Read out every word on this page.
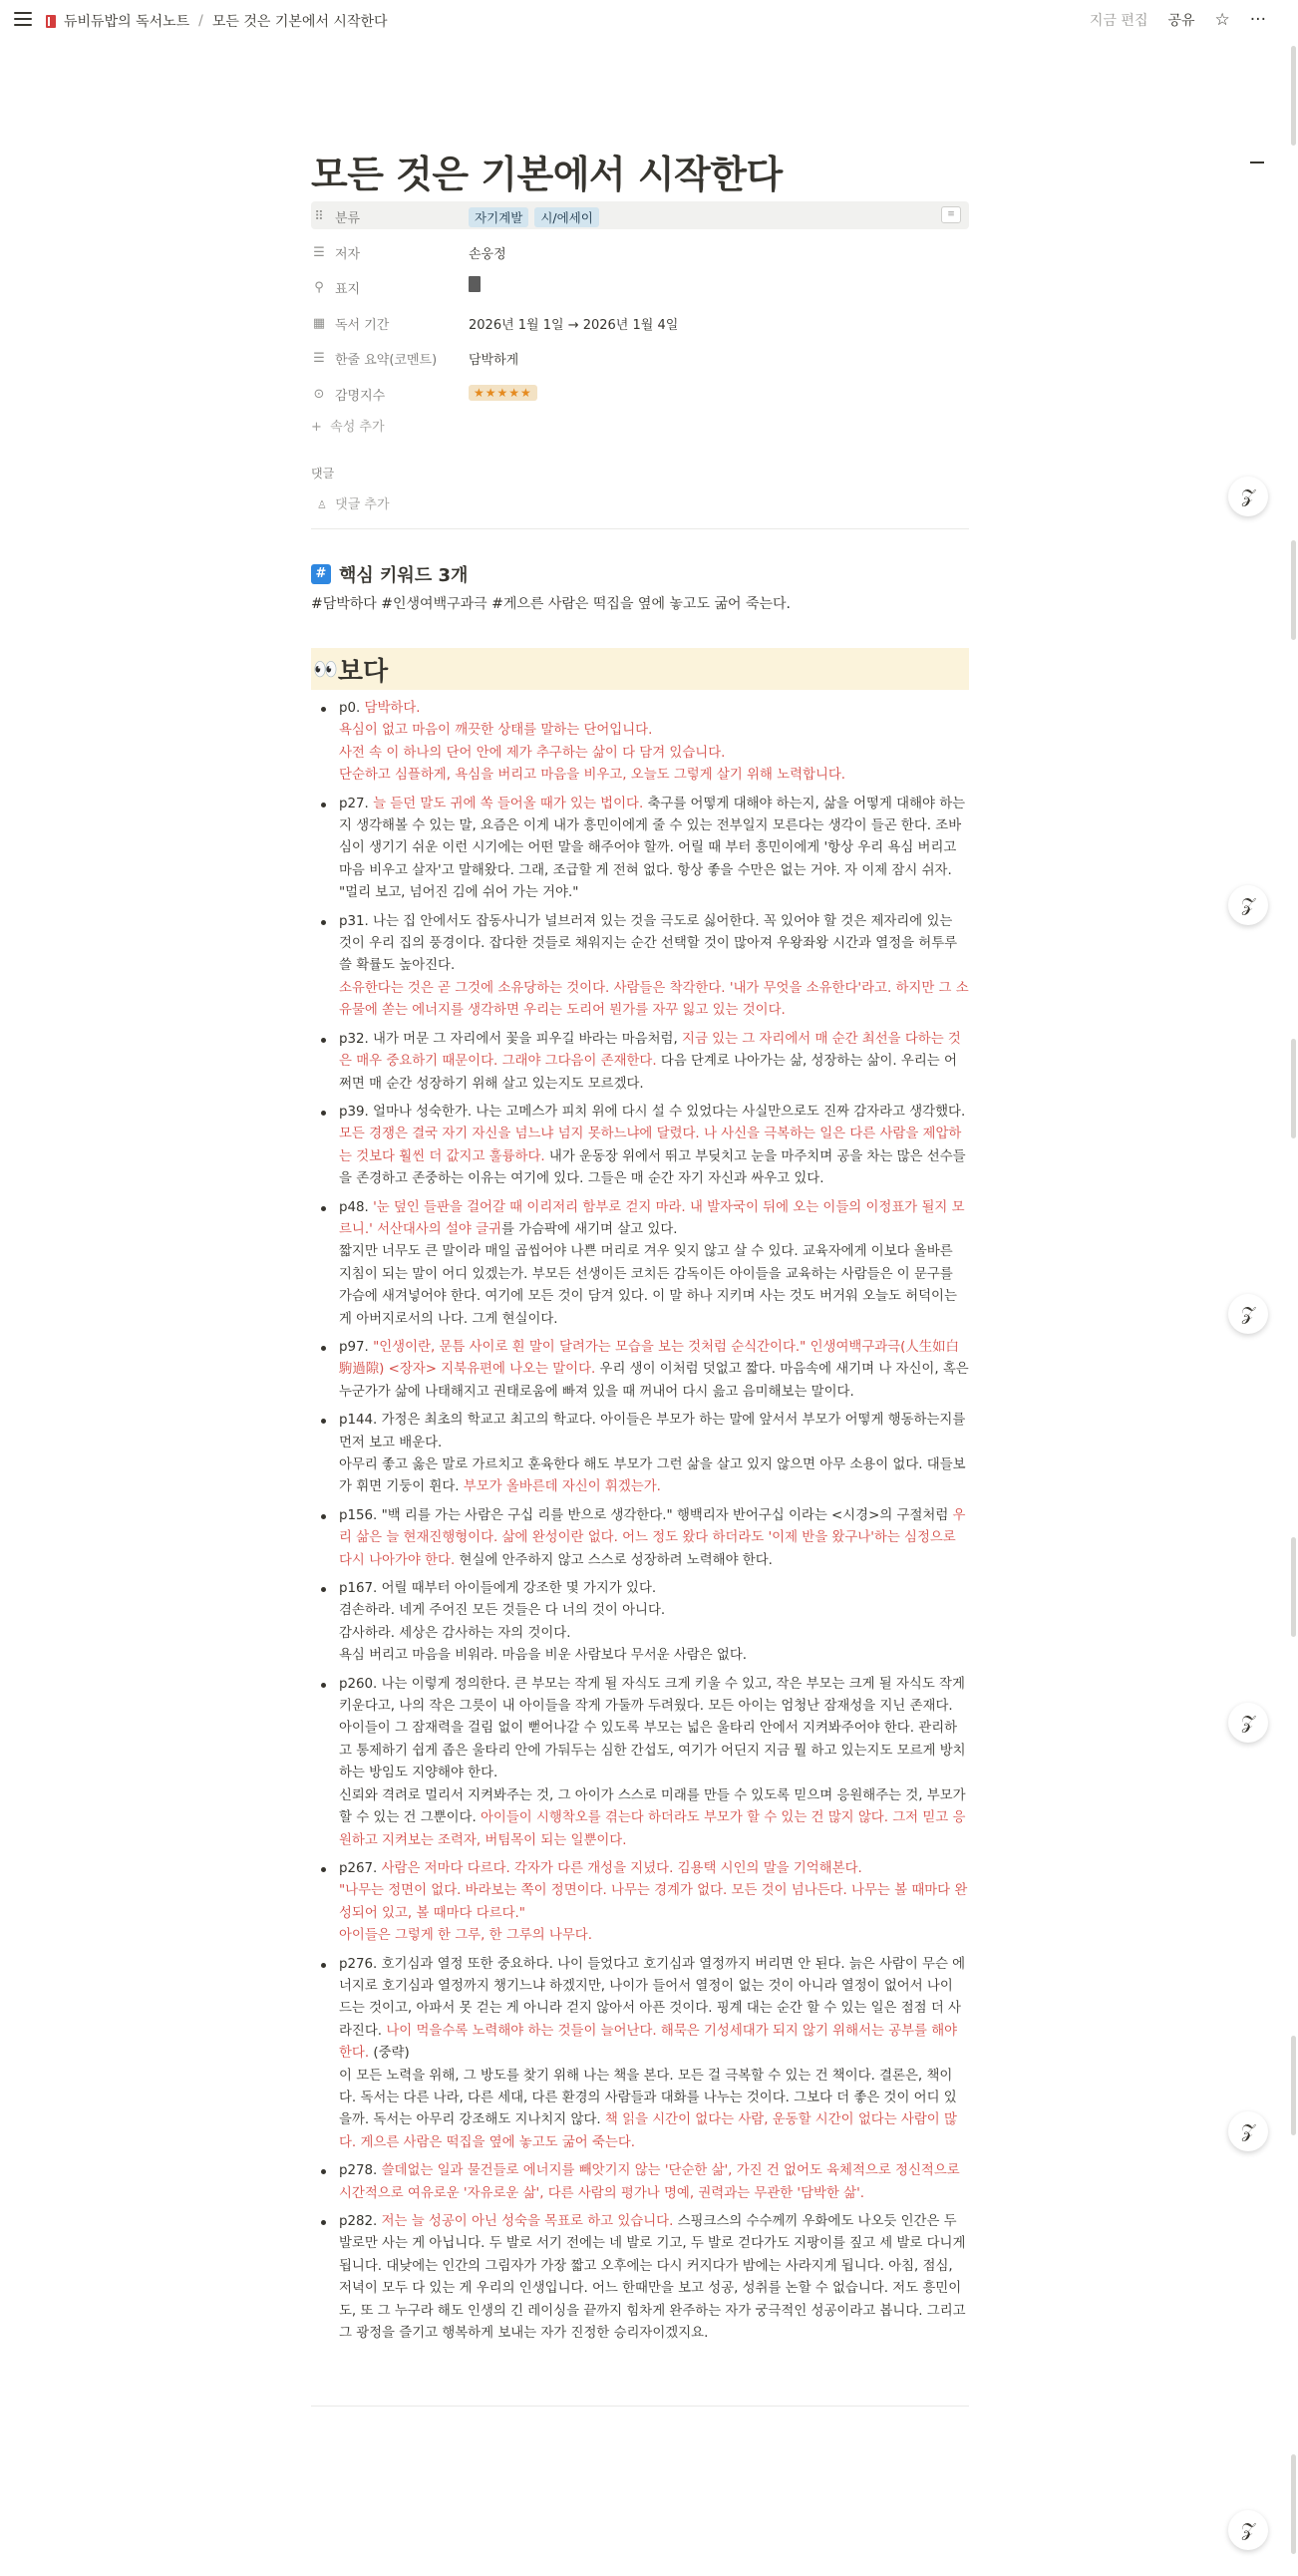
듀비듀밥의 독서노트 / 모든 것은 기본에서 시작한다	지금 편집 공유 ☆ ···
𝒵
𝒵
𝒵
𝒵
𝒵
𝒵
모든 것은 기본에서 시작한다
⠿ 분류	자기계발 시/에세이	≡
☰ 저자	손웅정
⚲ 표지
▦ 독서 기간	2026년 1월 1일 → 2026년 1월 4일
☰ 한줄 요약(코멘트) 담박하게
⊙ 감명지수	★★★★★
+ 속성 추가
댓글
♙ 댓글 추가
# 핵심 키워드 3개
#담박하다 #인생여백구과극 #게으른 사람은 떡집을 옆에 놓고도 굶어 죽는다.
👀 보다
p0. 담박하다.
욕심이 없고 마음이 깨끗한 상태를 말하는 단어입니다.
사전 속 이 하나의 단어 안에 제가 추구하는 삶이 다 담겨 있습니다.
단순하고 심플하게, 욕심을 버리고 마음을 비우고, 오늘도 그렇게 살기 위해 노력합니다.
p27. 늘 듣던 말도 귀에 쏙 들어올 때가 있는 법이다. 축구를 어떻게 대해야 하는지, 삶을 어떻게 대해야 하는지 생각해볼 수 있는 말, 요즘은 이게 내가 흥민이에게 줄 수 있는 전부일지 모른다는 생각이 들곤 한다. 조바심이 생기기 쉬운 이런 시기에는 어떤 말을 해주어야 할까. 어릴 때 부터 흥민이에게 '항상 우리 욕심 버리고 마음 비우고 살자'고 말해왔다. 그래, 조급할 게 전혀 없다. 항상 좋을 수만은 없는 거야. 자 이제 잠시 쉬자. "멀리 보고, 넘어진 김에 쉬어 가는 거야."
p31. 나는 집 안에서도 잡동사니가 널브러져 있는 것을 극도로 싫어한다. 꼭 있어야 할 것은 제자리에 있는 것이 우리 집의 풍경이다. 잡다한 것들로 채워지는 순간 선택할 것이 많아져 우왕좌왕 시간과 열정을 허투루 쓸 확률도 높아진다.
소유한다는 것은 곧 그것에 소유당하는 것이다. 사람들은 착각한다. '내가 무엇을 소유한다'라고. 하지만 그 소유물에 쏟는 에너지를 생각하면 우리는 도리어 뭔가를 자꾸 잃고 있는 것이다.
p32. 내가 머문 그 자리에서 꽃을 피우길 바라는 마음처럼, 지금 있는 그 자리에서 매 순간 최선을 다하는 것은 매우 중요하기 때문이다. 그래야 그다음이 존재한다. 다음 단계로 나아가는 삶, 성장하는 삶이. 우리는 어쩌면 매 순간 성장하기 위해 살고 있는지도 모르겠다.
p39. 얼마나 성숙한가. 나는 고메스가 피치 위에 다시 설 수 있었다는 사실만으로도 진짜 감자라고 생각했다. 모든 경쟁은 결국 자기 자신을 넘느냐 넘지 못하느냐에 달렸다. 나 사신을 극복하는 일은 다른 사람을 제압하는 것보다 훨씬 더 값지고 훌륭하다. 내가 운동장 위에서 뛰고 부딪치고 눈을 마주치며 공을 차는 많은 선수들을 존경하고 존중하는 이유는 여기에 있다. 그들은 매 순간 자기 자신과 싸우고 있다.
p48. '눈 덮인 들판을 걸어갈 때 이리저리 함부로 걷지 마라. 내 발자국이 뒤에 오는 이들의 이정표가 될지 모르니.' 서산대사의 설야 글귀를 가슴팍에 새기며 살고 있다.
짧지만 너무도 큰 말이라 매일 곱씹어야 나쁜 머리로 겨우 잊지 않고 살 수 있다. 교육자에게 이보다 올바른 지침이 되는 말이 어디 있겠는가. 부모든 선생이든 코치든 감독이든 아이들을 교육하는 사람들은 이 문구를 가슴에 새겨넣어야 한다. 여기에 모든 것이 담겨 있다. 이 말 하나 지키며 사는 것도 버거워 오늘도 허덕이는 게 아버지로서의 나다. 그게 현실이다.
p97. "인생이란, 문틈 사이로 흰 말이 달려가는 모습을 보는 것처럼 순식간이다." 인생여백구과극(人生如白駒過隙) <장자> 지북유편에 나오는 말이다. 우리 생이 이처럼 덧없고 짧다. 마음속에 새기며 나 자신이, 혹은 누군가가 삶에 나태해지고 권태로움에 빠져 있을 때 꺼내어 다시 읊고 음미해보는 말이다.
p144. 가정은 최초의 학교고 최고의 학교다. 아이들은 부모가 하는 말에 앞서서 부모가 어떻게 행동하는지를 먼저 보고 배운다.
아무리 좋고 옳은 말로 가르치고 훈육한다 해도 부모가 그런 삶을 살고 있지 않으면 아무 소용이 없다. 대들보가 휘면 기둥이 휜다. 부모가 올바른데 자신이 휘겠는가.
p156. "백 리를 가는 사람은 구십 리를 반으로 생각한다." 행백리자 반어구십 이라는 <시경>의 구절처럼 우리 삶은 늘 현재진행형이다. 삶에 완성이란 없다. 어느 정도 왔다 하더라도 '이제 반을 왔구나'하는 심정으로 다시 나아가야 한다. 현실에 안주하지 않고 스스로 성장하려 노력해야 한다.
p167. 어릴 때부터 아이들에게 강조한 몇 가지가 있다.
겸손하라. 네게 주어진 모든 것들은 다 너의 것이 아니다.
감사하라. 세상은 감사하는 자의 것이다.
욕심 버리고 마음을 비워라. 마음을 비운 사람보다 무서운 사람은 없다.
p260. 나는 이렇게 정의한다. 큰 부모는 작게 될 자식도 크게 키울 수 있고, 작은 부모는 크게 될 자식도 작게 키운다고, 나의 작은 그릇이 내 아이들을 작게 가둘까 두려웠다. 모든 아이는 엄청난 잠재성을 지닌 존재다. 아이들이 그 잠재력을 걸림 없이 뻗어나갈 수 있도록 부모는 넓은 울타리 안에서 지켜봐주어야 한다. 관리하고 통제하기 쉽게 좁은 울타리 안에 가둬두는 심한 간섭도, 여기가 어딘지 지금 뭘 하고 있는지도 모르게 방치하는 방임도 지양해야 한다.
신뢰와 격려로 멀리서 지켜봐주는 것, 그 아이가 스스로 미래를 만들 수 있도록 믿으며 응원해주는 것, 부모가 할 수 있는 건 그뿐이다. 아이들이 시행착오를 겪는다 하더라도 부모가 할 수 있는 건 많지 않다. 그저 믿고 응원하고 지켜보는 조력자, 버팀목이 되는 일뿐이다.
p267. 사람은 저마다 다르다. 각자가 다른 개성을 지녔다. 김용택 시인의 말을 기억해본다.
"나무는 정면이 없다. 바라보는 쪽이 정면이다. 나무는 경계가 없다. 모든 것이 넘나든다. 나무는 볼 때마다 완성되어 있고, 볼 때마다 다르다."
아이들은 그렇게 한 그루, 한 그루의 나무다.
p276. 호기심과 열정 또한 중요하다. 나이 들었다고 호기심과 열정까지 버리면 안 된다. 늙은 사람이 무슨 에너지로 호기심과 열정까지 챙기느냐 하겠지만, 나이가 들어서 열정이 없는 것이 아니라 열정이 없어서 나이 드는 것이고, 아파서 못 걷는 게 아니라 걷지 않아서 아픈 것이다. 핑계 대는 순간 할 수 있는 일은 점점 더 사라진다. 나이 먹을수록 노력해야 하는 것들이 늘어난다. 해묵은 기성세대가 되지 않기 위해서는 공부를 해야한다. (중략)
이 모든 노력을 위해, 그 방도를 찾기 위해 나는 책을 본다. 모든 걸 극복할 수 있는 건 책이다. 결론은, 책이다. 독서는 다른 나라, 다른 세대, 다른 환경의 사람들과 대화를 나누는 것이다. 그보다 더 좋은 것이 어디 있을까. 독서는 아무리 강조해도 지나치지 않다. 책 읽을 시간이 없다는 사람, 운동할 시간이 없다는 사람이 많다. 게으른 사람은 떡집을 옆에 놓고도 굶어 죽는다.
p278. 쓸데없는 일과 물건들로 에너지를 빼앗기지 않는 '단순한 삶', 가진 건 없어도 육체적으로 정신적으로 시간적으로 여유로운 '자유로운 삶', 다른 사람의 평가나 명예, 권력과는 무관한 '담박한 삶'.
p282. 저는 늘 성공이 아닌 성숙을 목표로 하고 있습니다. 스핑크스의 수수께끼 우화에도 나오듯 인간은 두 발로만 사는 게 아닙니다. 두 발로 서기 전에는 네 발로 기고, 두 발로 걷다가도 지팡이를 짚고 세 발로 다니게 됩니다. 대낮에는 인간의 그림자가 가장 짧고 오후에는 다시 커지다가 밤에는 사라지게 됩니다. 아침, 점심, 저녁이 모두 다 있는 게 우리의 인생입니다. 어느 한때만을 보고 성공, 성취를 논할 수 없습니다. 저도 흥민이도, 또 그 누구라 해도 인생의 긴 레이싱을 끝까지 힘차게 완주하는 자가 궁극적인 성공이라고 봅니다. 그리고 그 광정을 즐기고 행복하게 보내는 자가 진정한 승리자이겠지요.
